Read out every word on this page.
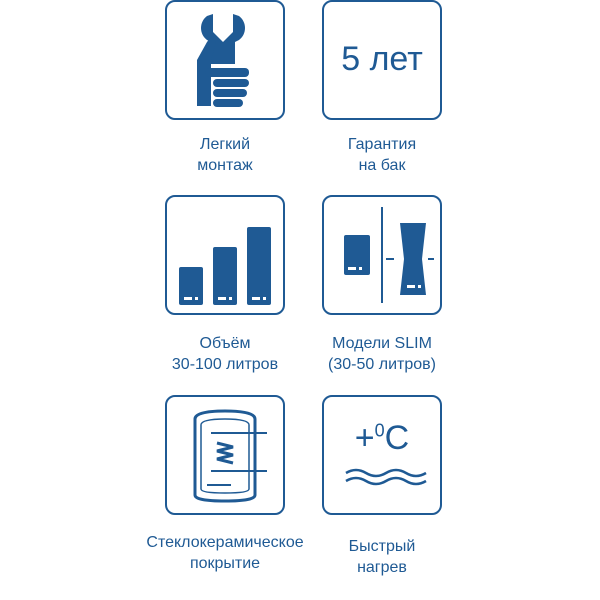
Легкий
монтаж
5 лет
Гарантия
на бак
Объём
30-100 литров
Модели SLIM
(30-50 литров)
Стеклокерамическое
покрытие
+$^0$C
Быстрый
нагрев
